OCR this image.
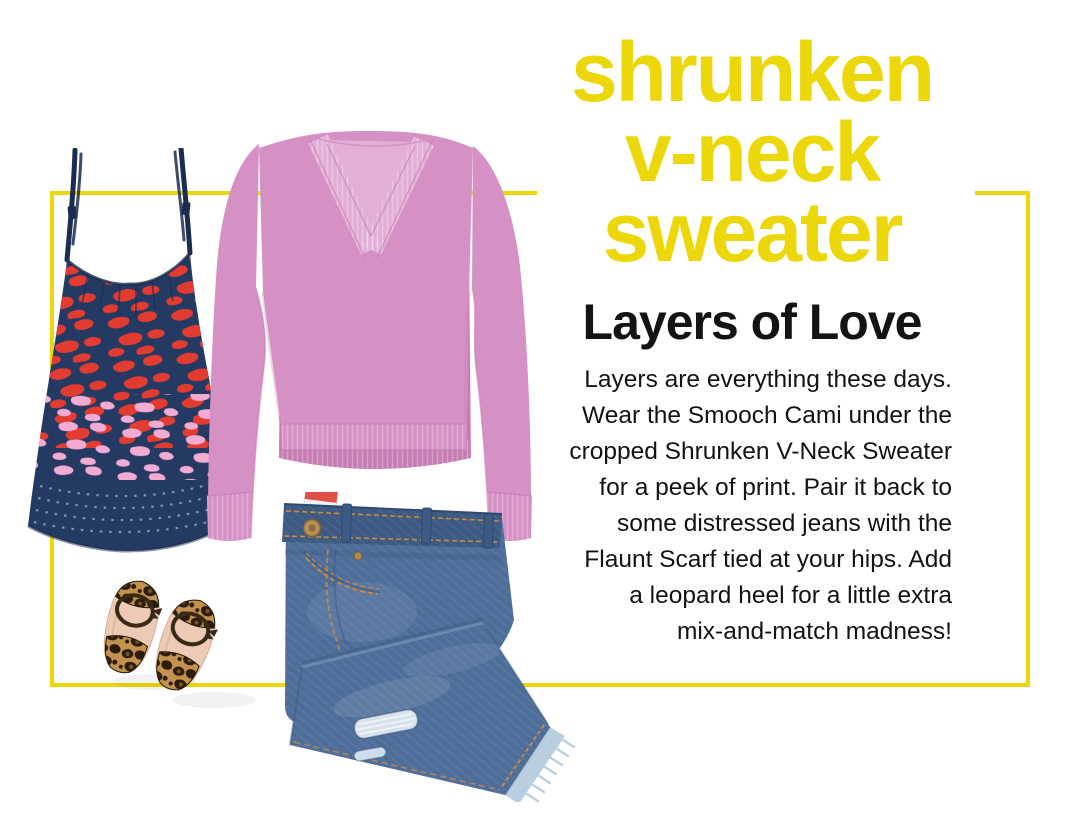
shrunken
v-neck
sweater
Layers of Love
Layers are everything these days.
Wear the Smooch Cami under the
cropped Shrunken V-Neck Sweater
for a peek of print. Pair it back to
some distressed jeans with the
Flaunt Scarf tied at your hips. Add
a leopard heel for a little extra
mix-and-match madness!
